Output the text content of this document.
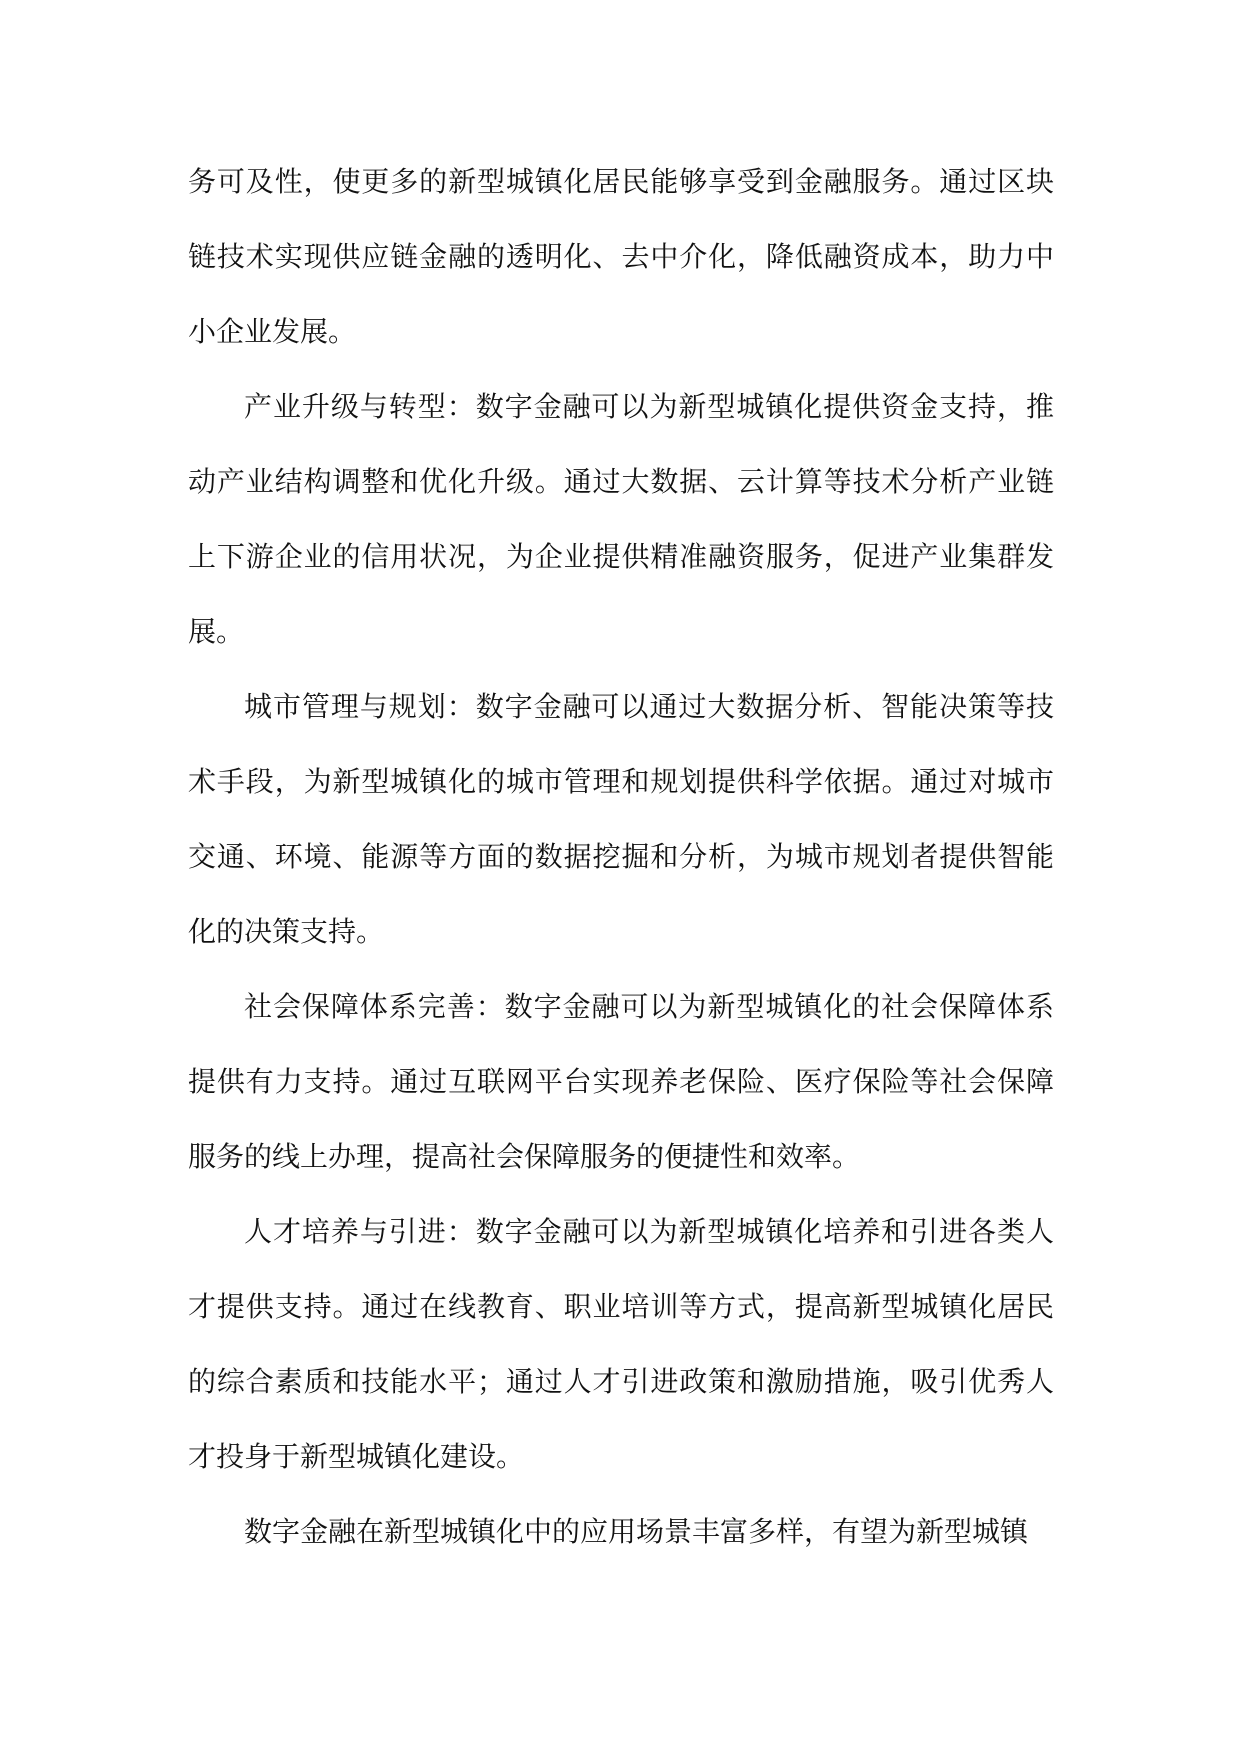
务可及性，使更多的新型城镇化居民能够享受到金融服务。通过区块链技术实现供应链金融的透明化、去中介化，降低融资成本，助力中小企业发展。

产业升级与转型：数字金融可以为新型城镇化提供资金支持，推动产业结构调整和优化升级。通过大数据、云计算等技术分析产业链上下游企业的信用状况，为企业提供精准融资服务，促进产业集群发展。

城市管理与规划：数字金融可以通过大数据分析、智能决策等技术手段，为新型城镇化的城市管理和规划提供科学依据。通过对城市交通、环境、能源等方面的数据挖掘和分析，为城市规划者提供智能化的决策支持。

社会保障体系完善：数字金融可以为新型城镇化的社会保障体系提供有力支持。通过互联网平台实现养老保险、医疗保险等社会保障服务的线上办理，提高社会保障服务的便捷性和效率。

人才培养与引进：数字金融可以为新型城镇化培养和引进各类人才提供支持。通过在线教育、职业培训等方式，提高新型城镇化居民的综合素质和技能水平；通过人才引进政策和激励措施，吸引优秀人才投身于新型城镇化建设。

数字金融在新型城镇化中的应用场景丰富多样，有望为新型城镇
